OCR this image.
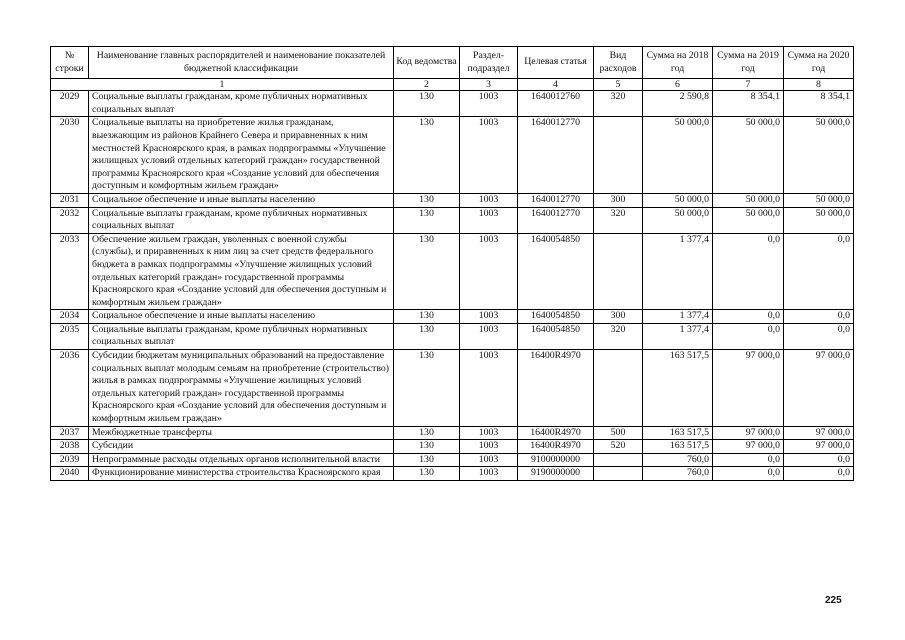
№ строки	Наименование главных распорядителей и наименование показателей бюджетной классификации	Код ведомства	Раздел-подраздел	Целевая статья	Вид расходов	Сумма на 2018 год	Сумма на 2019 год	Сумма на 2020 год
1		2	3	4	5	6	7	8
2029	Социальные выплаты гражданам, кроме публичных нормативных социальных выплат	130	1003	1640012760	320	2 590,8	8 354,1	8 354,1
2030	Социальные выплаты на приобретение жилья гражданам, выезжающим из районов Крайнего Севера и приравненных к ним местностей Красноярского края, в рамках подпрограммы «Улучшение жилищных условий отдельных категорий граждан» государственной программы Красноярского края «Создание условий для обеспечения доступным и комфортным жильем граждан»	130	1003	1640012770		50 000,0	50 000,0	50 000,0
2031	Социальное обеспечение и иные выплаты населению	130	1003	1640012770	300	50 000,0	50 000,0	50 000,0
2032	Социальные выплаты гражданам, кроме публичных нормативных социальных выплат	130	1003	1640012770	320	50 000,0	50 000,0	50 000,0
2033	Обеспечение жильем граждан, уволенных с военной службы (службы), и приравненных к ним лиц за счет средств федерального бюджета в рамках подпрограммы «Улучшение жилищных условий отдельных категорий граждан» государственной программы Красноярского края «Создание условий для обеспечения доступным и комфортным жильем граждан»	130	1003	1640054850		1 377,4	0,0	0,0
2034	Социальное обеспечение и иные выплаты населению	130	1003	1640054850	300	1 377,4	0,0	0,0
2035	Социальные выплаты гражданам, кроме публичных нормативных социальных выплат	130	1003	1640054850	320	1 377,4	0,0	0,0
2036	Субсидии бюджетам муниципальных образований на предоставление социальных выплат молодым семьям на приобретение (строительство) жилья в рамках подпрограммы «Улучшение жилищных условий отдельных категорий граждан» государственной программы Красноярского края «Создание условий для обеспечения доступным и комфортным жильем граждан»	130	1003	16400R4970		163 517,5	97 000,0	97 000,0
2037	Межбюджетные трансферты	130	1003	16400R4970	500	163 517,5	97 000,0	97 000,0
2038	Субсидии	130	1003	16400R4970	520	163 517,5	97 000,0	97 000,0
2039	Непрограммные расходы отдельных органов исполнительной власти	130	1003	9100000000		760,0	0,0	0,0
2040	Функционирование министерства строительства Красноярского края	130	1003	9190000000		760,0	0,0	0,0
225
